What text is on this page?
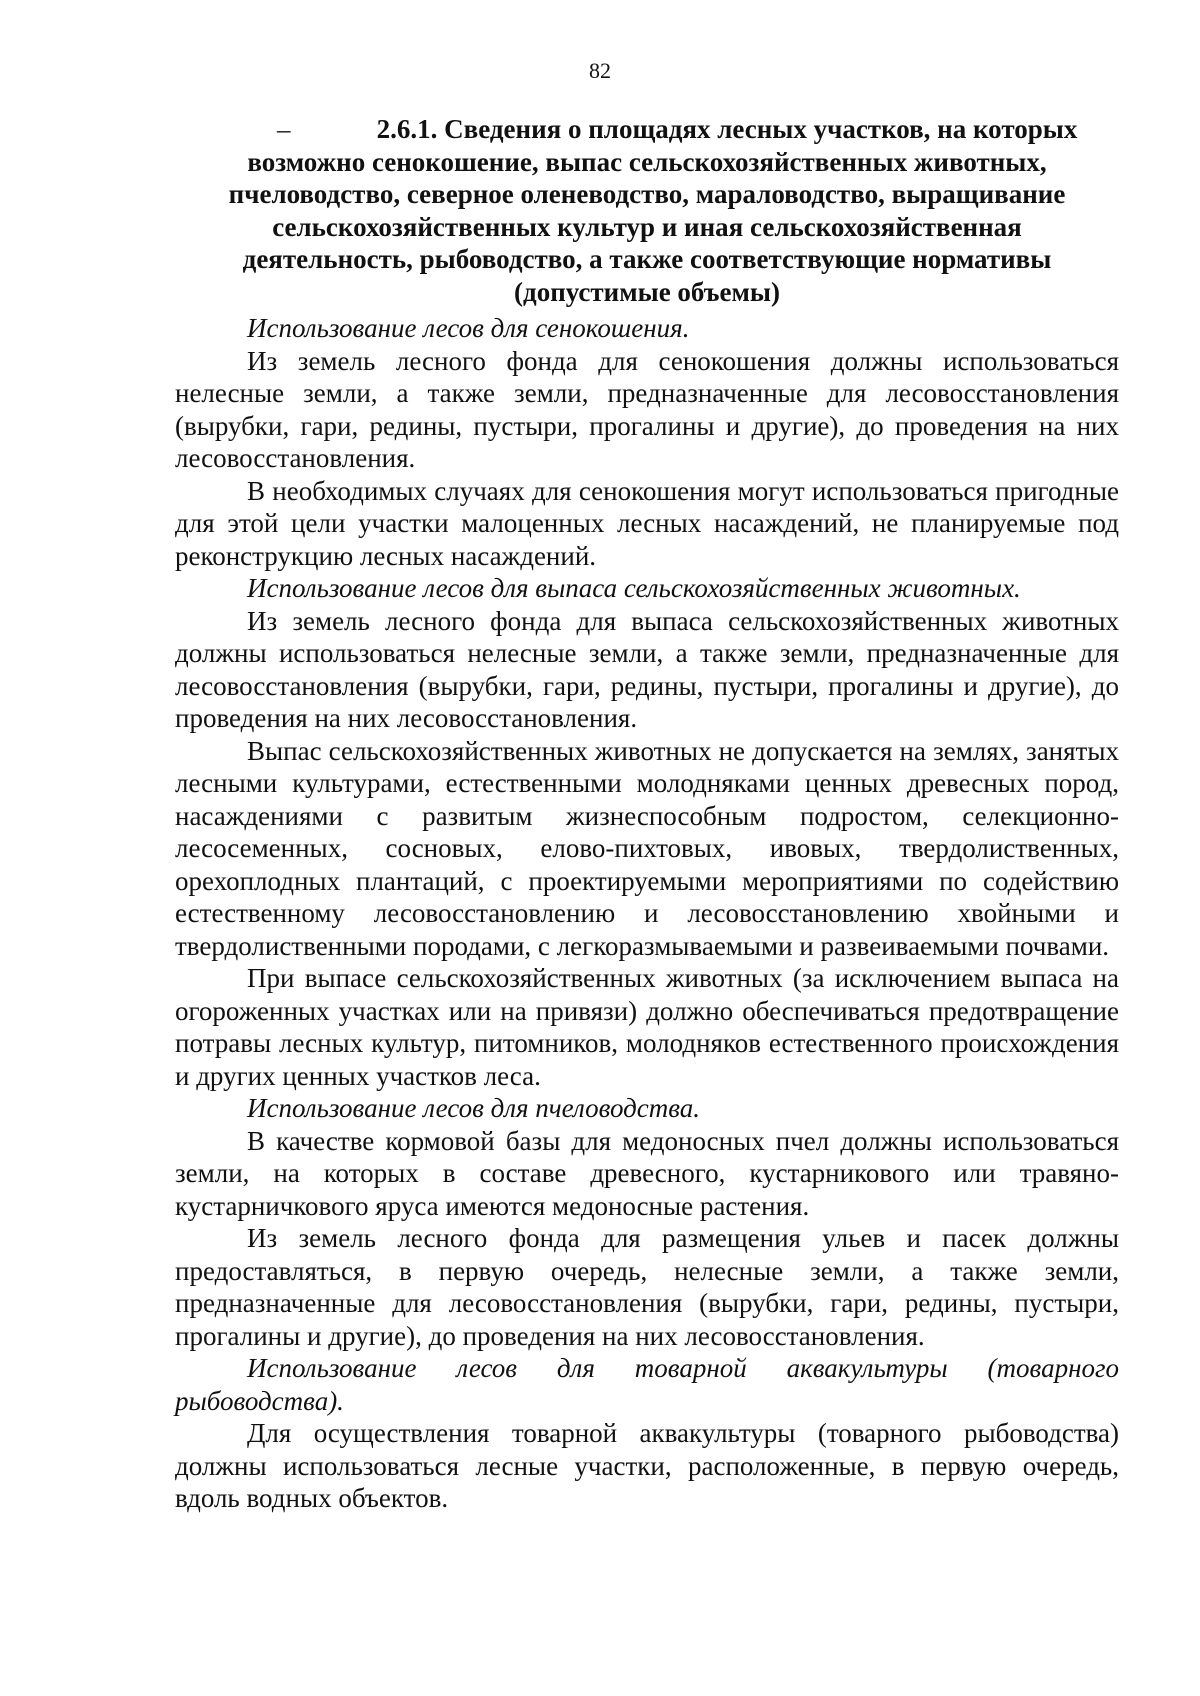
82
–	2.6.1. Сведения о площадях лесных участков, на которых возможно сенокошение, выпас сельскохозяйственных животных, пчеловодство, северное оленеводство, мараловодство, выращивание сельскохозяйственных культур и иная сельскохозяйственная деятельность, рыбоводство, а также соответствующие нормативы (допустимые объемы)

Использование лесов для сенокошения.

Из земель лесного фонда для сенокошения должны использоваться нелесные земли, а также земли, предназначенные для лесовосстановления (вырубки, гари, редины, пустыри, прогалины и другие), до проведения на них лесовосстановления.

В необходимых случаях для сенокошения могут использоваться пригодные для этой цели участки малоценных лесных насаждений, не планируемые под реконструкцию лесных насаждений.

Использование лесов для выпаса сельскохозяйственных животных.

Из земель лесного фонда для выпаса сельскохозяйственных животных должны использоваться нелесные земли, а также земли, предназначенные для лесовосстановления (вырубки, гари, редины, пустыри, прогалины и другие), до проведения на них лесовосстановления.

Выпас сельскохозяйственных животных не допускается на землях, занятых лесными культурами, естественными молодняками ценных древесных пород, насаждениями с развитым жизнеспособным подростом, селекционно-лесосеменных, сосновых, елово-пихтовых, ивовых, твердолиственных, орехоплодных плантаций, с проектируемыми мероприятиями по содействию естественному лесовосстановлению и лесовосстановлению хвойными и твердолиственными породами, с легкоразмываемыми и развеиваемыми почвами.

При выпасе сельскохозяйственных животных (за исключением выпаса на огороженных участках или на привязи) должно обеспечиваться предотвращение потравы лесных культур, питомников, молодняков естественного происхождения и других ценных участков леса.

Использование лесов для пчеловодства.

В качестве кормовой базы для медоносных пчел должны использоваться земли, на которых в составе древесного, кустарникового или травяно-кустарничкового яруса имеются медоносные растения.

Из земель лесного фонда для размещения ульев и пасек должны предоставляться, в первую очередь, нелесные земли, а также земли, предназначенные для лесовосстановления (вырубки, гари, редины, пустыри, прогалины и другие), до проведения на них лесовосстановления.

Использование лесов для товарной аквакультуры (товарного рыбоводства).

Для осуществления товарной аквакультуры (товарного рыбоводства) должны использоваться лесные участки, расположенные, в первую очередь, вдоль водных объектов.
